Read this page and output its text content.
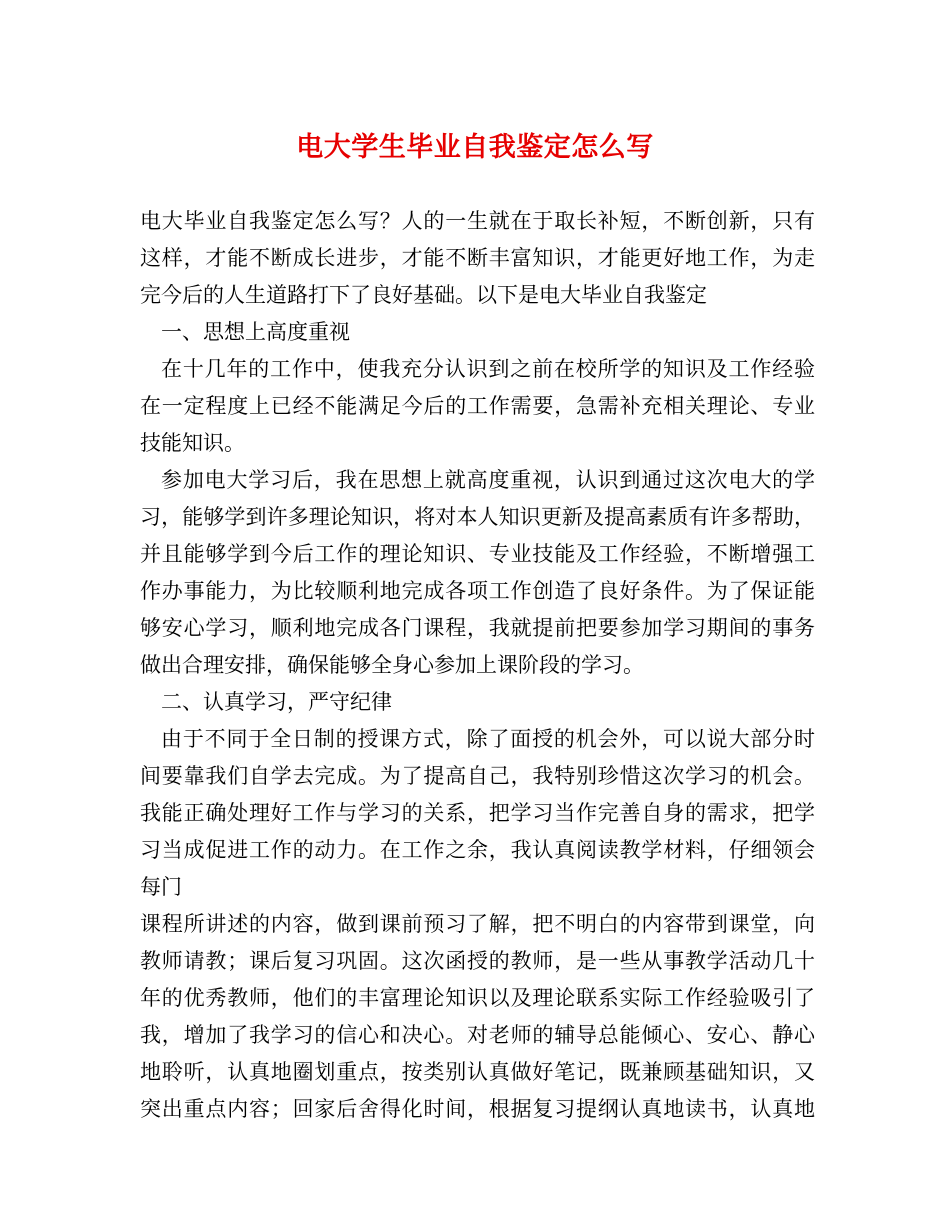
电大学生毕业自我鉴定怎么写
电大毕业自我鉴定怎么写？人的一生就在于取长补短，不断创新，只有
这样，才能不断成长进步，才能不断丰富知识，才能更好地工作，为走
完今后的人生道路打下了良好基础。以下是电大毕业自我鉴定
一、思想上高度重视
在十几年的工作中，使我充分认识到之前在校所学的知识及工作经验
在一定程度上已经不能满足今后的工作需要，急需补充相关理论、专业
技能知识。
参加电大学习后，我在思想上就高度重视，认识到通过这次电大的学
习，能够学到许多理论知识，将对本人知识更新及提高素质有许多帮助，
并且能够学到今后工作的理论知识、专业技能及工作经验，不断增强工
作办事能力，为比较顺利地完成各项工作创造了良好条件。为了保证能
够安心学习，顺利地完成各门课程，我就提前把要参加学习期间的事务
做出合理安排，确保能够全身心参加上课阶段的学习。
二、认真学习，严守纪律
由于不同于全日制的授课方式，除了面授的机会外，可以说大部分时
间要靠我们自学去完成。为了提高自己，我特别珍惜这次学习的机会。
我能正确处理好工作与学习的关系，把学习当作完善自身的需求，把学
习当成促进工作的动力。在工作之余，我认真阅读教学材料，仔细领会
每门
课程所讲述的内容，做到课前预习了解，把不明白的内容带到课堂，向
教师请教；课后复习巩固。这次函授的教师，是一些从事教学活动几十
年的优秀教师，他们的丰富理论知识以及理论联系实际工作经验吸引了
我，增加了我学习的信心和决心。对老师的辅导总能倾心、安心、静心
地聆听，认真地圈划重点，按类别认真做好笔记，既兼顾基础知识，又
突出重点内容；回家后舍得化时间，根据复习提纲认真地读书，认真地
